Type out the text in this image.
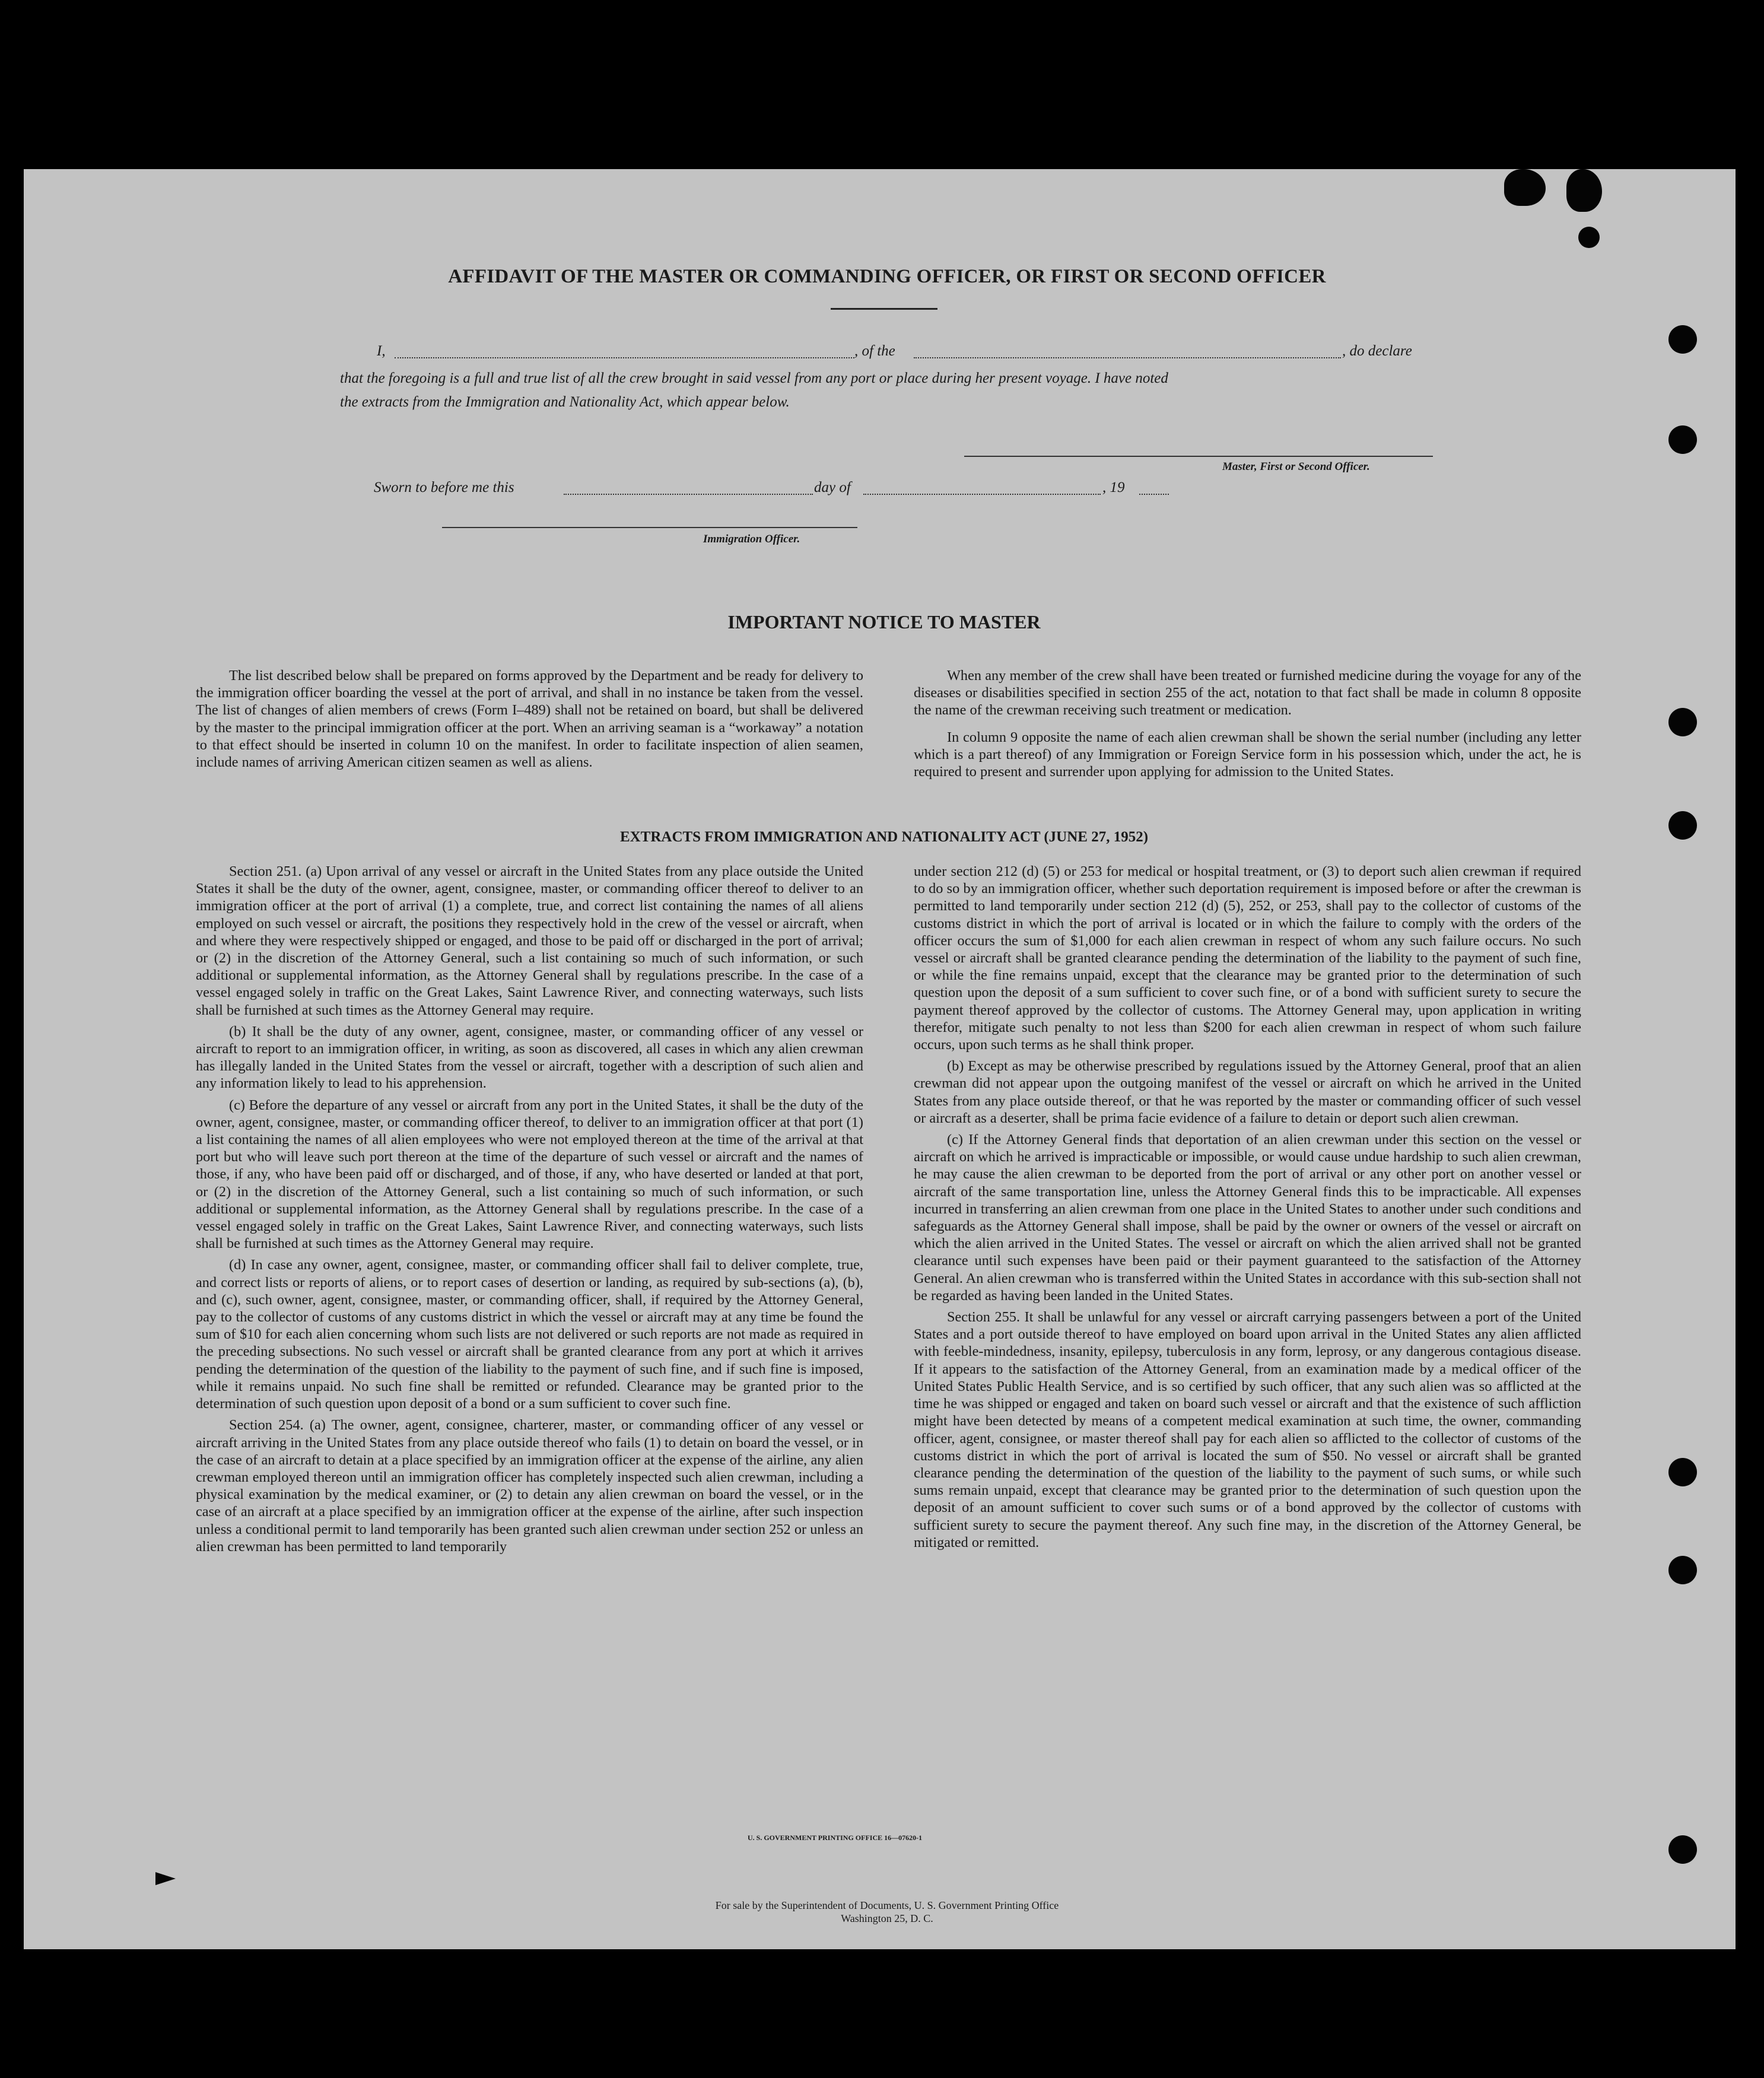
AFFIDAVIT OF THE MASTER OR COMMANDING OFFICER, OR FIRST OR SECOND OFFICER
I,	, of the	, do declare
that the foregoing is a full and true list of all the crew brought in said vessel from any port or place during her present voyage. I have noted
the extracts from the Immigration and Nationality Act, which appear below.
Master, First or Second Officer.
Sworn to before me this	day of	, 19
Immigration Officer.
IMPORTANT NOTICE TO MASTER

The list described below shall be prepared on forms approved by the Department and be ready for delivery to the immigration officer boarding the vessel at the port of arrival, and shall in no instance be taken from the vessel. The list of changes of alien members of crews (Form I–489) shall not be retained on board, but shall be delivered by the master to the principal immigration officer at the port. When an arriving seaman is a “workaway” a notation to that effect should be inserted in column 10 on the manifest. In order to facilitate inspection of alien seamen, include names of arriving American citizen seamen as well as aliens.

When any member of the crew shall have been treated or furnished medicine during the voyage for any of the diseases or disabilities specified in section 255 of the act, notation to that fact shall be made in column 8 opposite the name of the crewman receiving such treatment or medication.

In column 9 opposite the name of each alien crewman shall be shown the serial number (including any letter which is a part thereof) of any Immigration or Foreign Service form in his possession which, under the act, he is required to present and surrender upon applying for admission to the United States.

EXTRACTS FROM IMMIGRATION AND NATIONALITY ACT (JUNE 27, 1952)

Section 251. (a) Upon arrival of any vessel or aircraft in the United States from any place outside the United States it shall be the duty of the owner, agent, consignee, master, or commanding officer thereof to deliver to an immigration officer at the port of arrival (1) a complete, true, and correct list containing the names of all aliens employed on such vessel or aircraft, the positions they respectively hold in the crew of the vessel or aircraft, when and where they were respectively shipped or engaged, and those to be paid off or discharged in the port of arrival; or (2) in the discretion of the Attorney General, such a list containing so much of such information, or such additional or supplemental information, as the Attorney General shall by regulations prescribe. In the case of a vessel engaged solely in traffic on the Great Lakes, Saint Lawrence River, and connecting waterways, such lists shall be furnished at such times as the Attorney General may require.

(b) It shall be the duty of any owner, agent, consignee, master, or commanding officer of any vessel or aircraft to report to an immigration officer, in writing, as soon as discovered, all cases in which any alien crewman has illegally landed in the United States from the vessel or aircraft, together with a description of such alien and any information likely to lead to his apprehension.

(c) Before the departure of any vessel or aircraft from any port in the United States, it shall be the duty of the owner, agent, consignee, master, or commanding officer thereof, to deliver to an immigration officer at that port (1) a list containing the names of all alien employees who were not employed thereon at the time of the arrival at that port but who will leave such port thereon at the time of the departure of such vessel or aircraft and the names of those, if any, who have been paid off or discharged, and of those, if any, who have deserted or landed at that port, or (2) in the discretion of the Attorney General, such a list containing so much of such information, or such additional or supplemental information, as the Attorney General shall by regulations prescribe. In the case of a vessel engaged solely in traffic on the Great Lakes, Saint Lawrence River, and connecting waterways, such lists shall be furnished at such times as the Attorney General may require.

(d) In case any owner, agent, consignee, master, or commanding officer shall fail to deliver complete, true, and correct lists or reports of aliens, or to report cases of desertion or landing, as required by sub-sections (a), (b), and (c), such owner, agent, consignee, master, or commanding officer, shall, if required by the Attorney General, pay to the collector of customs of any customs district in which the vessel or aircraft may at any time be found the sum of $10 for each alien concerning whom such lists are not delivered or such reports are not made as required in the preceding subsections. No such vessel or aircraft shall be granted clearance from any port at which it arrives pending the determination of the question of the liability to the payment of such fine, and if such fine is imposed, while it remains unpaid. No such fine shall be remitted or refunded. Clearance may be granted prior to the determination of such question upon deposit of a bond or a sum sufficient to cover such fine.

Section 254. (a) The owner, agent, consignee, charterer, master, or commanding officer of any vessel or aircraft arriving in the United States from any place outside thereof who fails (1) to detain on board the vessel, or in the case of an aircraft to detain at a place specified by an immigration officer at the expense of the airline, any alien crewman employed thereon until an immigration officer has completely inspected such alien crewman, including a physical examination by the medical examiner, or (2) to detain any alien crewman on board the vessel, or in the case of an aircraft at a place specified by an immigration officer at the expense of the airline, after such inspection unless a conditional permit to land temporarily has been granted such alien crewman under section 252 or unless an alien crewman has been permitted to land temporarily

under section 212 (d) (5) or 253 for medical or hospital treatment, or (3) to deport such alien crewman if required to do so by an immigration officer, whether such deportation requirement is imposed before or after the crewman is permitted to land temporarily under section 212 (d) (5), 252, or 253, shall pay to the collector of customs of the customs district in which the port of arrival is located or in which the failure to comply with the orders of the officer occurs the sum of $1,000 for each alien crewman in respect of whom any such failure occurs. No such vessel or aircraft shall be granted clearance pending the determination of the liability to the payment of such fine, or while the fine remains unpaid, except that the clearance may be granted prior to the determination of such question upon the deposit of a sum sufficient to cover such fine, or of a bond with sufficient surety to secure the payment thereof approved by the collector of customs. The Attorney General may, upon application in writing therefor, mitigate such penalty to not less than $200 for each alien crewman in respect of whom such failure occurs, upon such terms as he shall think proper.

(b) Except as may be otherwise prescribed by regulations issued by the Attorney General, proof that an alien crewman did not appear upon the outgoing manifest of the vessel or aircraft on which he arrived in the United States from any place outside thereof, or that he was reported by the master or commanding officer of such vessel or aircraft as a deserter, shall be prima facie evidence of a failure to detain or deport such alien crewman.

(c) If the Attorney General finds that deportation of an alien crewman under this section on the vessel or aircraft on which he arrived is impracticable or impossible, or would cause undue hardship to such alien crewman, he may cause the alien crewman to be deported from the port of arrival or any other port on another vessel or aircraft of the same transportation line, unless the Attorney General finds this to be impracticable. All expenses incurred in transferring an alien crewman from one place in the United States to another under such conditions and safeguards as the Attorney General shall impose, shall be paid by the owner or owners of the vessel or aircraft on which the alien arrived in the United States. The vessel or aircraft on which the alien arrived shall not be granted clearance until such expenses have been paid or their payment guaranteed to the satisfaction of the Attorney General. An alien crewman who is transferred within the United States in accordance with this sub-section shall not be regarded as having been landed in the United States.

Section 255. It shall be unlawful for any vessel or aircraft carrying passengers between a port of the United States and a port outside thereof to have employed on board upon arrival in the United States any alien afflicted with feeble-mindedness, insanity, epilepsy, tuberculosis in any form, leprosy, or any dangerous contagious disease. If it appears to the satisfaction of the Attorney General, from an examination made by a medical officer of the United States Public Health Service, and is so certified by such officer, that any such alien was so afflicted at the time he was shipped or engaged and taken on board such vessel or aircraft and that the existence of such affliction might have been detected by means of a competent medical examination at such time, the owner, commanding officer, agent, consignee, or master thereof shall pay for each alien so afflicted to the collector of customs of the customs district in which the port of arrival is located the sum of $50. No vessel or aircraft shall be granted clearance pending the determination of the question of the liability to the payment of such sums, or while such sums remain unpaid, except that clearance may be granted prior to the determination of such question upon the deposit of an amount sufficient to cover such sums or of a bond approved by the collector of customs with sufficient surety to secure the payment thereof. Any such fine may, in the discretion of the Attorney General, be mitigated or remitted.

U. S. GOVERNMENT PRINTING OFFICE 16—07620-1
For sale by the Superintendent of Documents, U. S. Government Printing Office
Washington 25, D. C.
